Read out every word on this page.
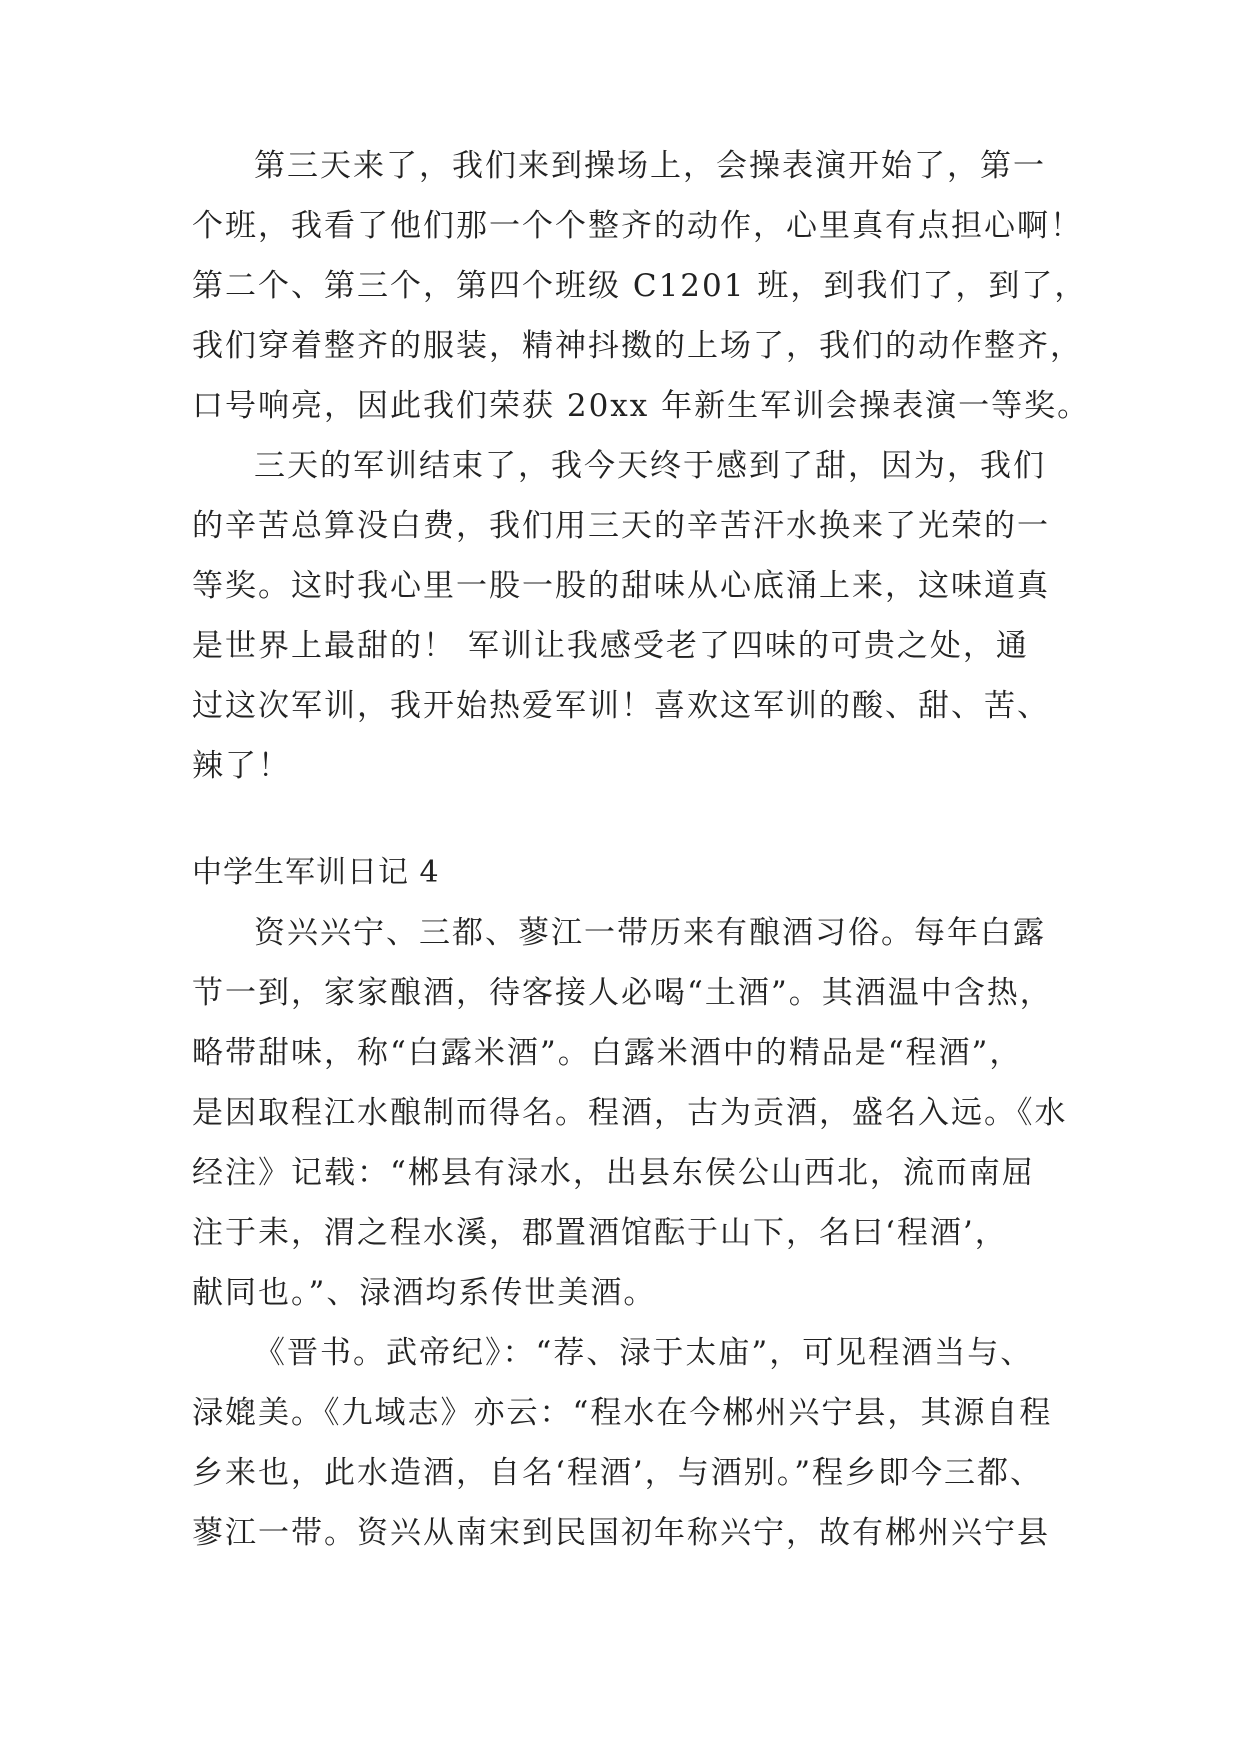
第三天来了，我们来到操场上，会操表演开始了，第一
个班，我看了他们那一个个整齐的动作，心里真有点担心啊！
第二个、第三个，第四个班级 C1201 班，到我们了，到了，
我们穿着整齐的服装，精神抖擞的上场了，我们的动作整齐，
口号响亮，因此我们荣获 20xx 年新生军训会操表演一等奖。
三天的军训结束了，我今天终于感到了甜，因为，我们
的辛苦总算没白费，我们用三天的辛苦汗水换来了光荣的一
等奖。这时我心里一股一股的甜味从心底涌上来，这味道真
是世界上最甜的！ 军训让我感受老了四味的可贵之处，通
过这次军训，我开始热爱军训！喜欢这军训的酸、甜、苦、
辣了！
中学生军训日记 4
资兴兴宁、三都、蓼江一带历来有酿酒习俗。每年白露
节一到，家家酿酒，待客接人必喝“土酒”。其酒温中含热，
略带甜味，称“白露米酒”。白露米酒中的精品是“程酒”，
是因取程江水酿制而得名。程酒，古为贡酒，盛名入远。《水
经注》记载：“郴县有渌水，出县东侯公山西北，流而南屈
注于耒，渭之程水溪，郡置酒馆酝于山下，名曰‘程酒’，
献同也。”、渌酒均系传世美酒。
《晋书。武帝纪》：“荐、渌于太庙”，可见程酒当与、
渌媲美。《九域志》亦云：“程水在今郴州兴宁县，其源自程
乡来也，此水造酒，自名‘程酒’，与酒别。”程乡即今三都、
蓼江一带。资兴从南宋到民国初年称兴宁，故有郴州兴宁县
